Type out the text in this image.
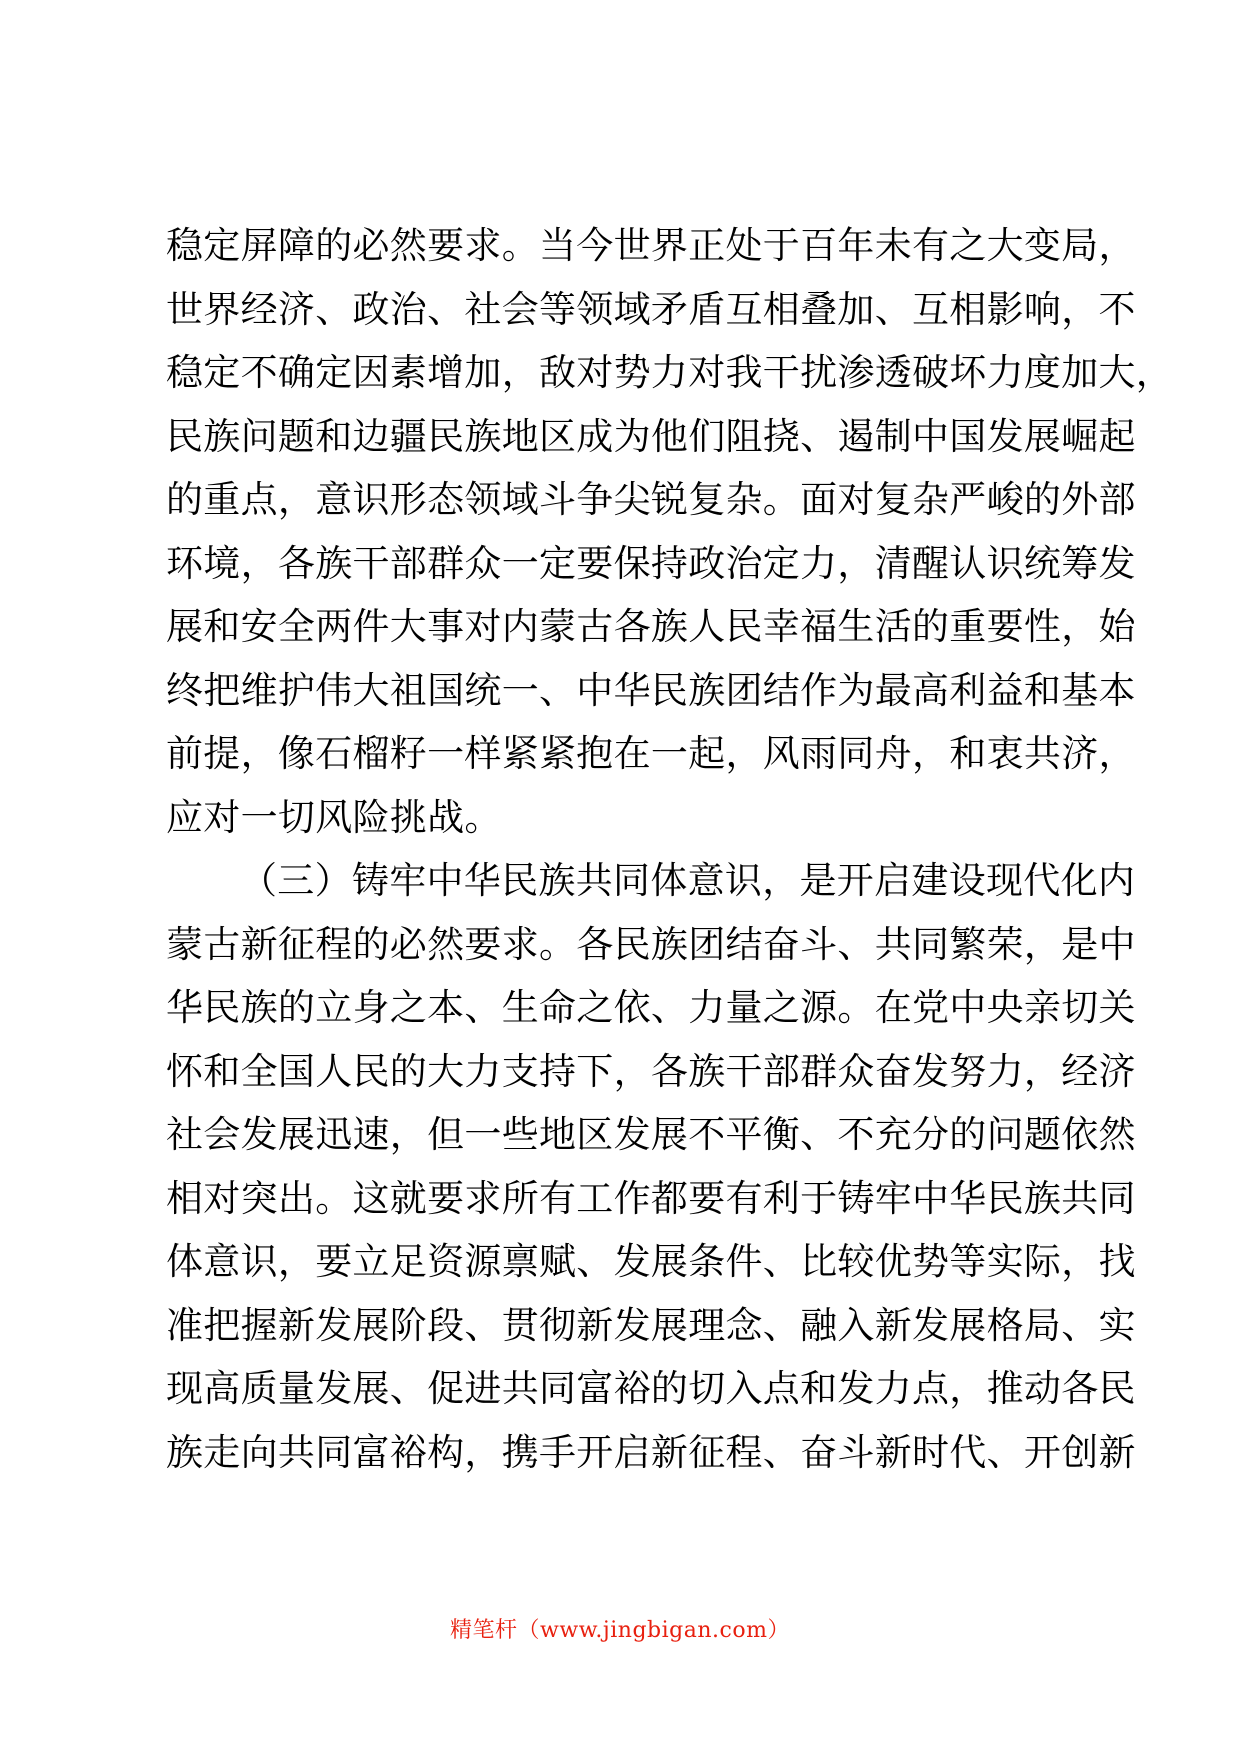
稳定屏障的必然要求。当今世界正处于百年未有之大变局，
世界经济、政治、社会等领域矛盾互相叠加、互相影响，不
稳定不确定因素增加，敌对势力对我干扰渗透破坏力度加大，
民族问题和边疆民族地区成为他们阻挠、遏制中国发展崛起
的重点，意识形态领域斗争尖锐复杂。面对复杂严峻的外部
环境，各族干部群众一定要保持政治定力，清醒认识统筹发
展和安全两件大事对内蒙古各族人民幸福生活的重要性，始
终把维护伟大祖国统一、中华民族团结作为最高利益和基本
前提，像石榴籽一样紧紧抱在一起，风雨同舟，和衷共济，
应对一切风险挑战。
（三）铸牢中华民族共同体意识，是开启建设现代化内
蒙古新征程的必然要求。各民族团结奋斗、共同繁荣，是中
华民族的立身之本、生命之依、力量之源。在党中央亲切关
怀和全国人民的大力支持下，各族干部群众奋发努力，经济
社会发展迅速，但一些地区发展不平衡、不充分的问题依然
相对突出。这就要求所有工作都要有利于铸牢中华民族共同
体意识，要立足资源禀赋、发展条件、比较优势等实际，找
准把握新发展阶段、贯彻新发展理念、融入新发展格局、实
现高质量发展、促进共同富裕的切入点和发力点，推动各民
族走向共同富裕构，携手开启新征程、奋斗新时代、开创新
精笔杆（www.jingbigan.com）
